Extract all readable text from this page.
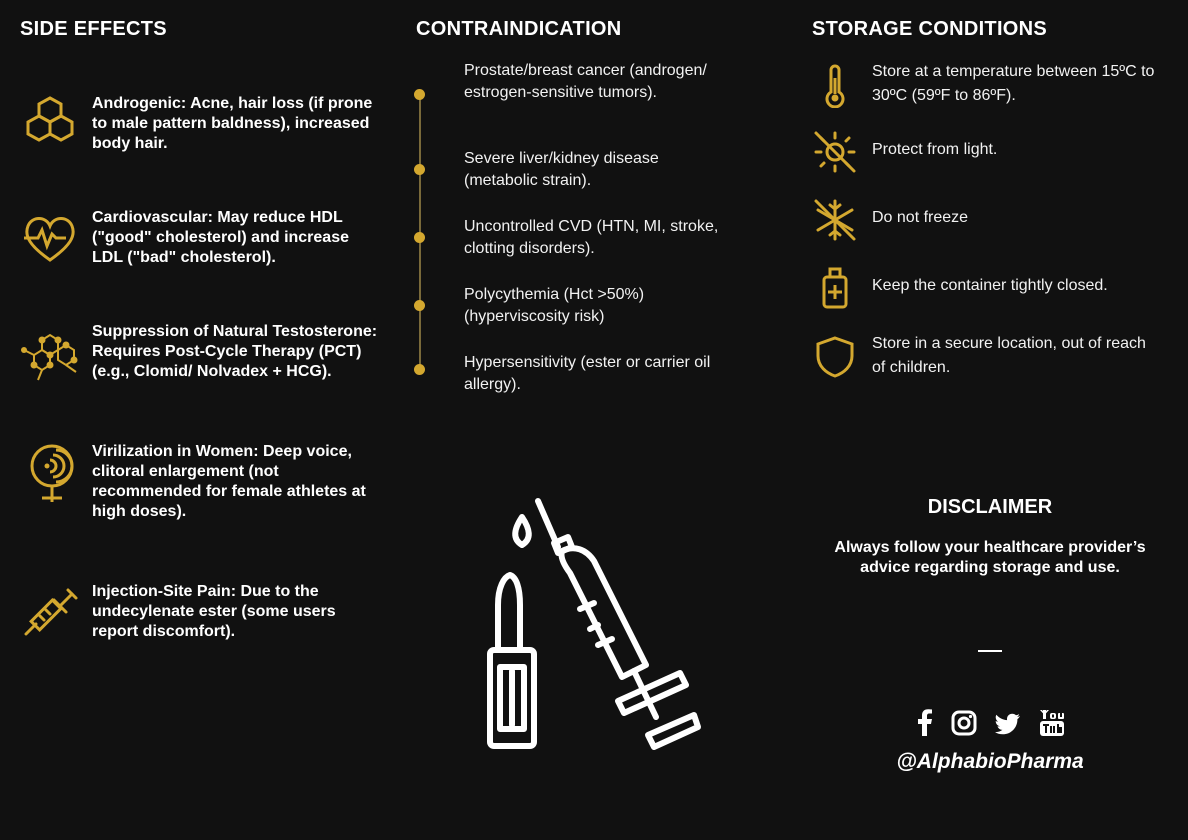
SIDE EFFECTS
Androgenic: Acne, hair loss (if prone to male pattern baldness), increased body hair.
Cardiovascular: May reduce HDL ("good" cholesterol) and increase LDL ("bad" cholesterol).
Suppression of Natural Testosterone: Requires Post-Cycle Therapy (PCT) (e.g., Clomid/ Nolvadex + HCG).
Virilization in Women: Deep voice, clitoral enlargement (not recommended for female athletes at high doses).
Injection-Site Pain: Due to the undecylenate ester (some users report discomfort).
CONTRAINDICATION
Prostate/breast cancer (androgen/ estrogen-sensitive tumors).
Severe liver/kidney disease (metabolic strain).
Uncontrolled CVD (HTN, MI, stroke, clotting disorders).
Polycythemia (Hct >50%) (hyperviscosity risk)
Hypersensitivity (ester or carrier oil allergy).
STORAGE CONDITIONS
Store at a temperature between 15ºC to 30ºC (59ºF to 86ºF).
Protect from light.
Do not freeze
Keep the container tightly closed.
Store in a secure location, out of reach of children.
DISCLAIMER
Always follow your healthcare provider’s advice regarding storage and use.
@AlphabioPharma
